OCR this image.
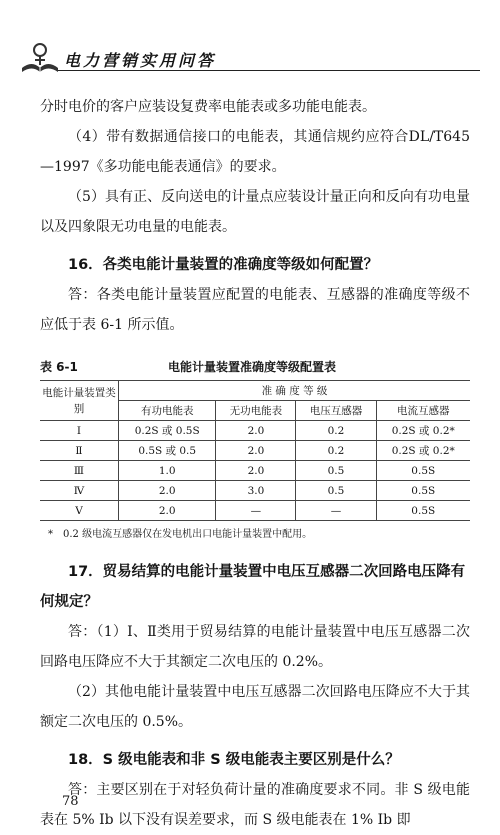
电力营销实用问答

分时电价的客户应装设复费率电能表或多功能电能表。

（4）带有数据通信接口的电能表，其通信规约应符合DL/T645—1997《多功能电能表通信》的要求。

（5）具有正、反向送电的计量点应装设计量正向和反向有功电量以及四象限无功电量的电能表。

16．各类电能计量装置的准确度等级如何配置？

答：各类电能计量装置应配置的电能表、互感器的准确度等级不应低于表 6-1 所示值。

表 6-1	电能计量装置准确度等级配置表
电能计量装置类别	准 确 度 等 级			
	有功电能表	无功电能表	电压互感器	电流互感器
Ⅰ	0.2S 或 0.5S	2.0	0.2	0.2S 或 0.2*
Ⅱ	0.5S 或 0.5	2.0	0.2	0.2S 或 0.2*
Ⅲ	1.0	2.0	0.5	0.5S
Ⅳ	2.0	3.0	0.5	0.5S
Ⅴ	2.0	—	—	0.5S
*　0.2 级电流互感器仅在发电机出口电能计量装置中配用。
17．贸易结算的电能计量装置中电压互感器二次回路电压降有何规定？

答：（1）Ⅰ、Ⅱ类用于贸易结算的电能计量装置中电压互感器二次回路电压降应不大于其额定二次电压的 0.2%。

（2）其他电能计量装置中电压互感器二次回路电压降应不大于其额定二次电压的 0.5%。

18．S 级电能表和非 S 级电能表主要区别是什么？

答：主要区别在于对轻负荷计量的准确度要求不同。非 S 级电能表在 5% Ib 以下没有误差要求，而 S 级电能表在 1% Ib 即

78
